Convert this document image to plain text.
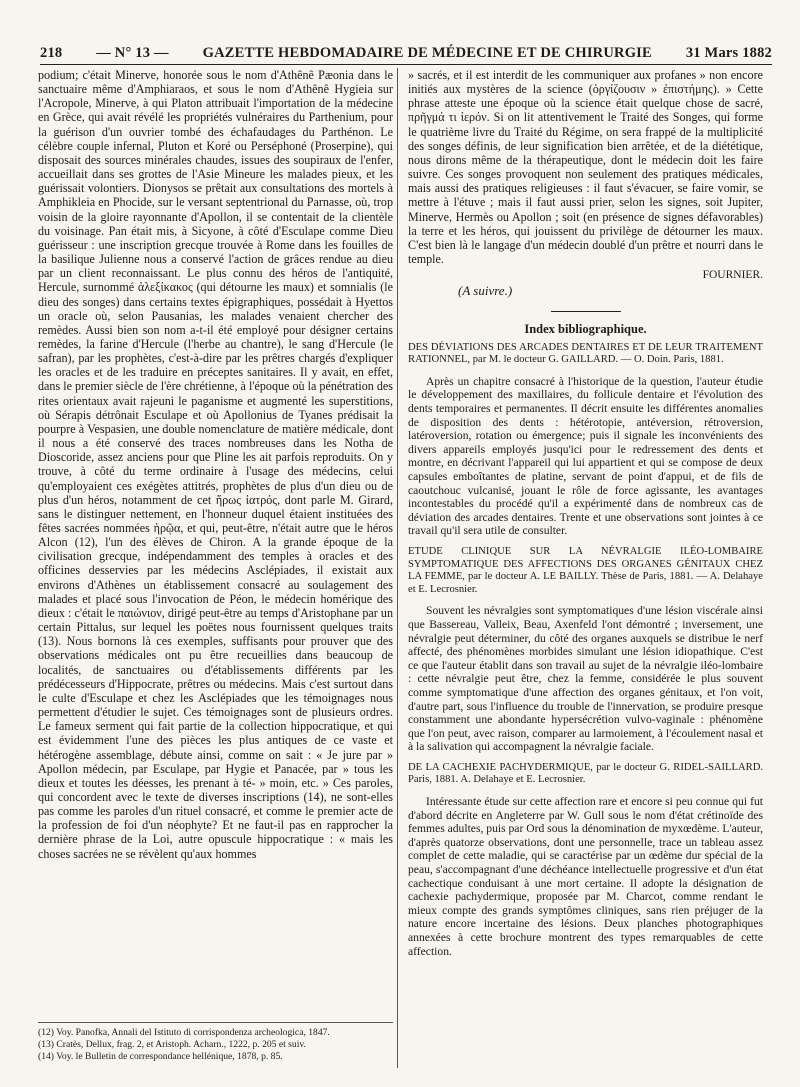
218 — N° 13 — GAZETTE HEBDOMADAIRE DE MÉDECINE ET DE CHIRURGIE 31 Mars 1882

podium; c'était Minerve, honorée sous le nom d'Athênê Pæonia dans le sanctuaire même d'Amphiaraos, et sous le nom d'Athênê Hygieia sur l'Acropole, Minerve, à qui Platon attribuait l'importation de la médecine en Grèce, qui avait révélé les propriétés vulnéraires du Parthenium, pour la guérison d'un ouvrier tombé des échafaudages du Parthénon. Le célèbre couple infernal, Pluton et Koré ou Perséphoné (Proserpine), qui disposait des sources minérales chaudes, issues des soupiraux de l'enfer, accueillait dans ses grottes de l'Asie Mineure les malades pieux, et les guérissait volontiers. Dionysos se prêtait aux consultations des mortels à Amphikleia en Phocide, sur le versant septentrional du Parnasse, où, trop voisin de la gloire rayonnante d'Apollon, il se contentait de la clientèle du voisinage. Pan était mis, à Sicyone, à côté d'Esculape comme Dieu guérisseur : une inscription grecque trouvée à Rome dans les fouilles de la basilique Julienne nous a conservé l'action de grâces rendue au dieu par un client reconnaissant. Le plus connu des héros de l'antiquité, Hercule, surnommé ἀλεξίκακος (qui détourne les maux) et somnialis (le dieu des songes) dans certains textes épigraphiques, possédait à Hyettos un oracle où, selon Pausanias, les malades venaient chercher des remèdes. Aussi bien son nom a-t-il été employé pour désigner certains remèdes, la farine d'Hercule (l'herbe au chantre), le sang d'Hercule (le safran), par les prophètes, c'est-à-dire par les prêtres chargés d'expliquer les oracles et de les traduire en préceptes sanitaires. Il y avait, en effet, dans le premier siècle de l'ère chrétienne, à l'époque où la pénétration des rites orientaux avait rajeuni le paganisme et augmenté les superstitions, où Sérapis détrônait Esculape et où Apollonius de Tyanes prédisait la pourpre à Vespasien, une double nomenclature de matière médicale, dont il nous a été conservé des traces nombreuses dans les Notha de Dioscoride, assez anciens pour que Pline les ait parfois reproduits. On y trouve, à côté du terme ordinaire à l'usage des médecins, celui qu'employaient ces exégètes attitrés, prophètes de plus d'un dieu ou de plus d'un héros, notamment de cet ἥρως ἰατρός, dont parle M. Girard, sans le distinguer nettement, en l'honneur duquel étaient instituées des fêtes sacrées nommées ἡρῷα, et qui, peut-être, n'était autre que le héros Alcon (12), l'un des élèves de Chiron. A la grande époque de la civilisation grecque, indépendamment des temples à oracles et des officines desservies par les médecins Asclépiades, il existait aux environs d'Athènes un établissement consacré au soulagement des malades et placé sous l'invocation de Péon, le médecin homérique des dieux : c'était le παιώνιον, dirigé peut-être au temps d'Aristophane par un certain Pittalus, sur lequel les poëtes nous fournissent quelques traits (13). Nous bornons là ces exemples, suffisants pour prouver que des observations médicales ont pu être recueillies dans beaucoup de localités, de sanctuaires ou d'établissements différents par les prédécesseurs d'Hippocrate, prêtres ou médecins. Mais c'est surtout dans le culte d'Esculape et chez les Asclépiades que les témoignages nous permettent d'étudier le sujet. Ces témoignages sont de plusieurs ordres. Le fameux serment qui fait partie de la collection hippocratique, et qui est évidemment l'une des pièces les plus antiques de ce vaste et hétérogène assemblage, débute ainsi, comme on sait : « Je jure par » Apollon médecin, par Esculape, par Hygie et Panacée, par » tous les dieux et toutes les déesses, les prenant à té- » moin, etc. » Ces paroles, qui concordent avec le texte de diverses inscriptions (14), ne sont-elles pas comme les paroles d'un rituel consacré, et comme le premier acte de la profession de foi d'un néophyte? Et ne faut-il pas en rapprocher la dernière phrase de la Loi, autre opuscule hippocratique : « mais les choses sacrées ne se révèlent qu'aux hommes

» sacrés, et il est interdit de les communiquer aux profanes » non encore initiés aux mystères de la science (ὀργίζουσιν » ἐπιστήμης). » Cette phrase atteste une époque où la science était quelque chose de sacré, πρῆγμά τι ἱερόν. Si on lit attentivement le Traité des Songes, qui forme le quatrième livre du Traité du Régime, on sera frappé de la multiplicité des songes définis, de leur signification bien arrêtée, et de la diététique, nous dirons même de la thérapeutique, dont le médecin doit les faire suivre. Ces songes provoquent non seulement des pratiques médicales, mais aussi des pratiques religieuses : il faut s'évacuer, se faire vomir, se mettre à l'étuve ; mais il faut aussi prier, selon les signes, soit Jupiter, Minerve, Hermès ou Apollon ; soit (en présence de signes défavorables) la terre et les héros, qui jouissent du privilège de détourner les maux. C'est bien là le langage d'un médecin doublé d'un prêtre et nourri dans le temple.

FOURNIER.

(A suivre.)

Index bibliographique.

DES DÉVIATIONS DES ARCADES DENTAIRES ET DE LEUR TRAITEMENT RATIONNEL, par M. le docteur G. GAILLARD. — O. Doin. Paris, 1881.

Après un chapitre consacré à l'historique de la question, l'auteur étudie le développement des maxillaires, du follicule dentaire et l'évolution des dents temporaires et permanentes. Il décrit ensuite les différentes anomalies de disposition des dents : hétérotopie, antéversion, rétroversion, latéroversion, rotation ou émergence; puis il signale les inconvénients des divers appareils employés jusqu'ici pour le redressement des dents et montre, en décrivant l'appareil qui lui appartient et qui se compose de deux capsules emboîtantes de platine, servant de point d'appui, et de fils de caoutchouc vulcanisé, jouant le rôle de force agissante, les avantages incontestables du procédé qu'il a expérimenté dans de nombreux cas de déviation des arcades dentaires. Trente et une observations sont jointes à ce travail qu'il sera utile de consulter.

ETUDE CLINIQUE SUR LA NÉVRALGIE ILÉO-LOMBAIRE SYMPTOMATIQUE DES AFFECTIONS DES ORGANES GÉNITAUX CHEZ LA FEMME, par le docteur A. LE BAILLY. Thèse de Paris, 1881. — A. Delahaye et E. Lecrosnier.

Souvent les névralgies sont symptomatiques d'une lésion viscérale ainsi que Bassereau, Valleix, Beau, Axenfeld l'ont démontré ; inversement, une névralgie peut déterminer, du côté des organes auxquels se distribue le nerf affecté, des phénomènes morbides simulant une lésion idiopathique. C'est ce que l'auteur établit dans son travail au sujet de la névralgie iléo-lombaire : cette névralgie peut être, chez la femme, considérée le plus souvent comme symptomatique d'une affection des organes génitaux, et l'on voit, d'autre part, sous l'influence du trouble de l'innervation, se produire presque constamment une abondante hypersécrétion vulvo-vaginale : phénomène que l'on peut, avec raison, comparer au larmoiement, à l'écoulement nasal et à la salivation qui accompagnent la névralgie faciale.

DE LA CACHEXIE PACHYDERMIQUE, par le docteur G. RIDEL-SAILLARD. Paris, 1881. A. Delahaye et E. Lecrosnier.

Intéressante étude sur cette affection rare et encore si peu connue qui fut d'abord décrite en Angleterre par W. Gull sous le nom d'état crétinoïde des femmes adultes, puis par Ord sous la dénomination de myxœdème. L'auteur, d'après quatorze observations, dont une personnelle, trace un tableau assez complet de cette maladie, qui se caractérise par un œdème dur spécial de la peau, s'accompagnant d'une déchéance intellectuelle progressive et d'un état cachectique conduisant à une mort certaine. Il adopte la désignation de cachexie pachydermique, proposée par M. Charcot, comme rendant le mieux compte des grands symptômes cliniques, sans rien préjuger de la nature encore incertaine des lésions. Deux planches photographiques annexées à cette brochure montrent des types remarquables de cette affection.

(12) Voy. Panofka, Annali del Istituto di corrispondenza archeologica, 1847.

(13) Cratès, Dellux, frag. 2, et Aristoph. Acharn., 1222, p. 205 et suiv.

(14) Voy. le Bulletin de correspondance hellénique, 1878, p. 85.
